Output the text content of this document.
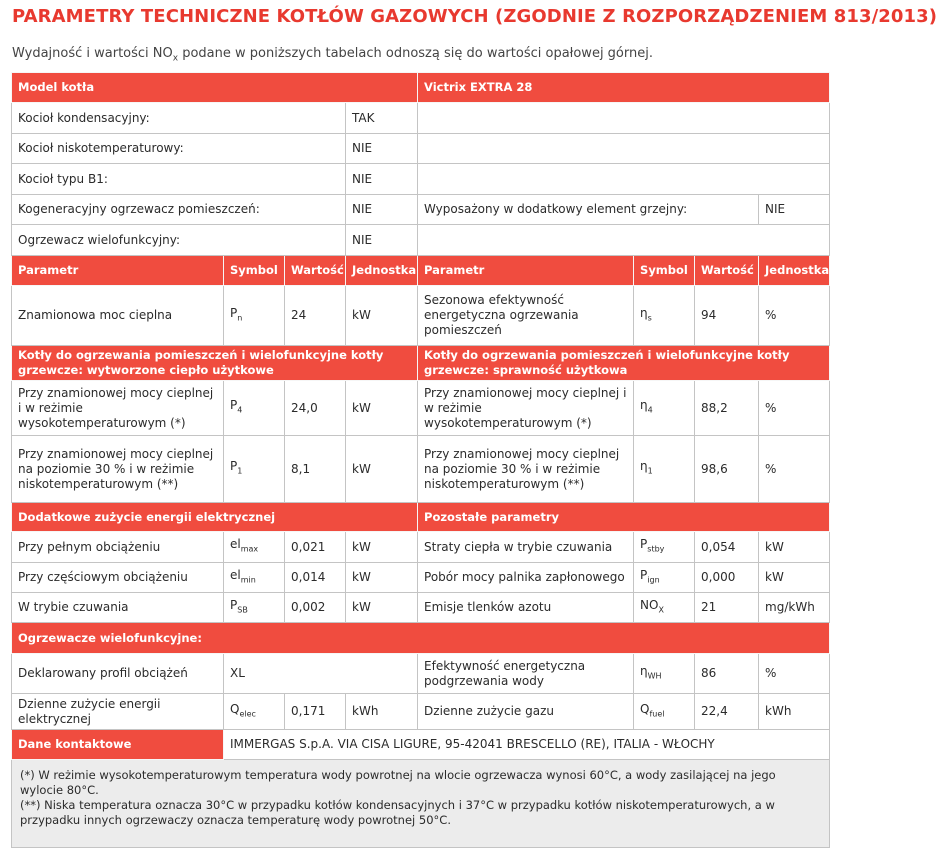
PARAMETRY TECHNICZNE KOTŁÓW GAZOWYCH (ZGODNIE Z ROZPORZĄDZENIEM 813/2013)

Wydajność i wartości $NO_x$ podane w poniższych tabelach odnoszą się do wartości opałowej górnej.

Model kotła				Victrix EXTRA 28			
Kocioł kondensacyjny:			TAK				
Kocioł niskotemperaturowy:			NIE				
Kocioł typu B1:			NIE				
Kogeneracyjny ogrzewacz pomieszczeń:			NIE	Wyposażony w dodatkowy element grzejny:			NIE
Ogrzewacz wielofunkcyjny:			NIE				
Parametr	Symbol	Wartość	Jednostka	Parametr	Symbol	Wartość	Jednostka
Znamionowa moc cieplna	$P_n$	24	kW	Sezonowa efektywność energetyczna ogrzewania pomieszczeń	$\eta_s$	94	%
Kotły do ogrzewania pomieszczeń i wielofunkcyjne kotły grzewcze: wytworzone ciepło użytkowe				Kotły do ogrzewania pomieszczeń i wielofunkcyjne kotły grzewcze: sprawność użytkowa			
Przy znamionowej mocy cieplnej i w reżimie wysokotemperaturowym (*)	$P_4$	24,0	kW	Przy znamionowej mocy cieplnej i w reżimie wysokotemperaturowym (*)	$\eta_4$	88,2	%
Przy znamionowej mocy cieplnej na poziomie 30 % i w reżimie niskotemperaturowym (**)	$P_1$	8,1	kW	Przy znamionowej mocy cieplnej na poziomie 30 % i w reżimie niskotemperaturowym (**)	$\eta_1$	98,6	%
Dodatkowe zużycie energii elektrycznej				Pozostałe parametry			
Przy pełnym obciążeniu	$el_{max}$	0,021	kW	Straty ciepła w trybie czuwania	$P_{stby}$	0,054	kW
Przy częściowym obciążeniu	$el_{min}$	0,014	kW	Pobór mocy palnika zapłonowego	$P_{ign}$	0,000	kW
W trybie czuwania	$P_{SB}$	0,002	kW	Emisje tlenków azotu	$NO_X$	21	mg/kWh
Ogrzewacze wielofunkcyjne:							
Deklarowany profil obciążeń	XL			Efektywność energetyczna podgrzewania wody	$\eta_{WH}$	86	%
Dzienne zużycie energii elektrycznej	$Q_{elec}$	0,171	kWh	Dzienne zużycie gazu	$Q_{fuel}$	22,4	kWh
Dane kontaktowe	IMMERGAS S.p.A. VIA CISA LIGURE, 95-42041 BRESCELLO (RE), ITALIA - WŁOCHY						

(*) W reżimie wysokotemperaturowym temperatura wody powrotnej na wlocie ogrzewacza wynosi 60°C, a wody zasilającej na jego wylocie 80°C.
(**) Niska temperatura oznacza 30°C w przypadku kotłów kondensacyjnych i 37°C w przypadku kotłów niskotemperaturowych, a w przypadku innych ogrzewaczy oznacza temperaturę wody powrotnej 50°C.							
